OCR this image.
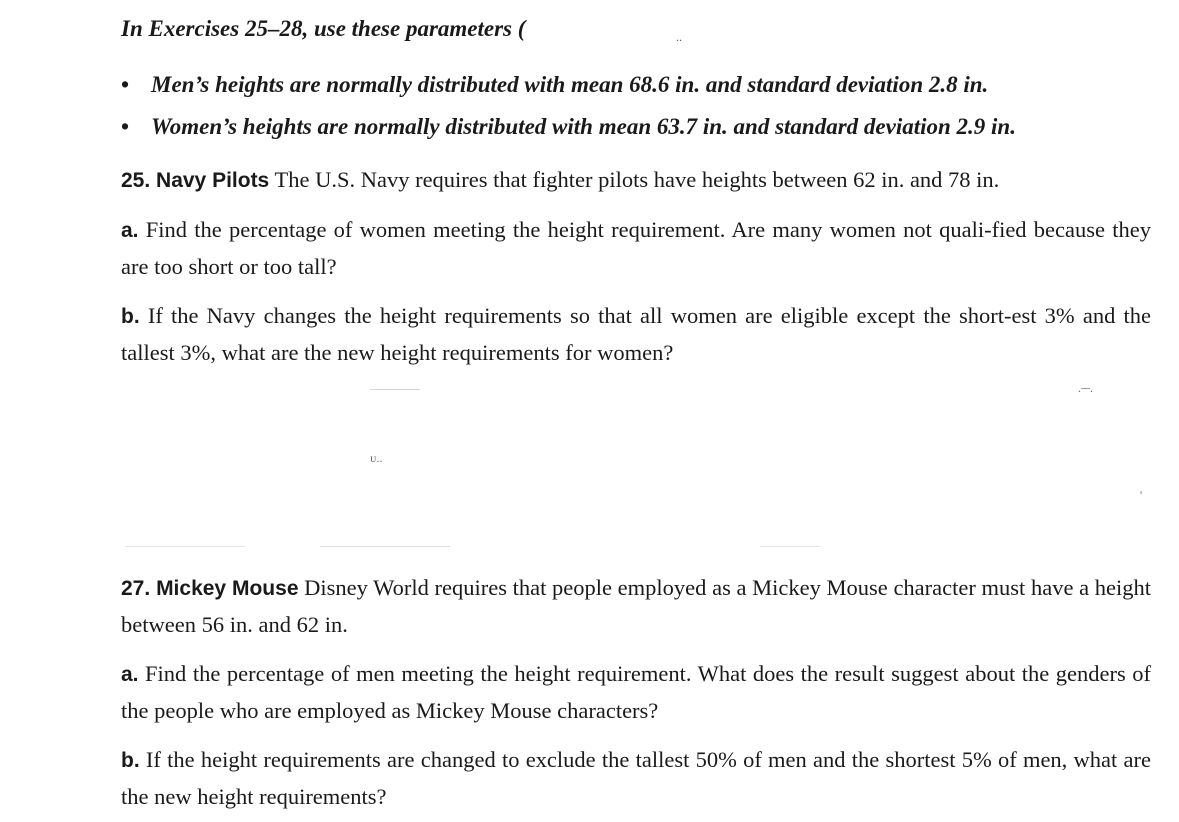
In Exercises 25–28, use these parameters (	..
• Men’s heights are normally distributed with mean 68.6 in. and standard deviation 2.8 in.
• Women’s heights are normally distributed with mean 63.7 in. and standard deviation 2.9 in.
25. Navy Pilots The U.S. Navy requires that fighter pilots have heights between 62 in. and 78 in.
a. Find the percentage of women meeting the height requirement. Are many women not quali-fied because they are too short or too tall?
b. If the Navy changes the height requirements so that all women are eligible except the short-est 3% and the tallest 3%, what are the new height requirements for women?
. ̶ ̶ .
ᴜ..
'
27. Mickey Mouse Disney World requires that people employed as a Mickey Mouse character must have a height between 56 in. and 62 in.
a. Find the percentage of men meeting the height requirement. What does the result suggest about the genders of the people who are employed as Mickey Mouse characters?
b. If the height requirements are changed to exclude the tallest 50% of men and the shortest 5% of men, what are the new height requirements?
